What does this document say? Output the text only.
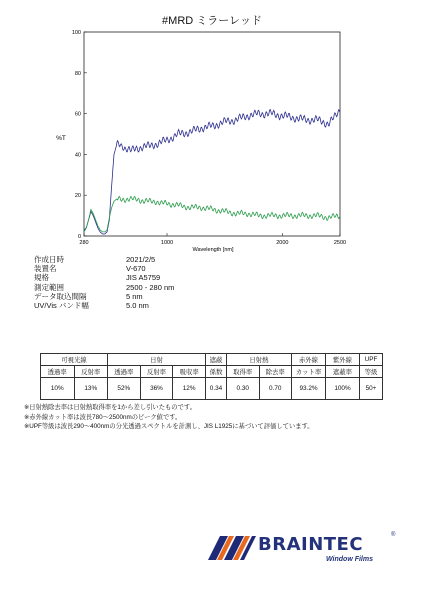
#MRD ミラーレッド
0
20
40
60
80
100
280	1000	2000	2500
%T
Wavelength [nm]
作成日時	2021/2/5
装置名	V-670
規格	JIS A5759
測定範囲	2500 - 280 nm
データ取込間隔	5 nm
UV/Vis バンド幅	5.0 nm
可視光線		日射			遮蔽	日射熱		赤外線	紫外線	UPF
透過率	反射率	透過率	反射率	吸収率	係数	取得率	除去率	カット率	遮蔽率	等級
10%	13%	52%	36%	12%	0.34	0.30	0.70	93.2%	100%	50+
※日射熱除去率は日射熱取得率を1から差し引いたものです。
※赤外線カット率は波長780～2500nmのピーク値です。
※UPF等級は波長290～400nmの分光透過スペクトルを計測し、JIS L1925に基づいて評価しています。
BRAINTEC	®
Window Films
